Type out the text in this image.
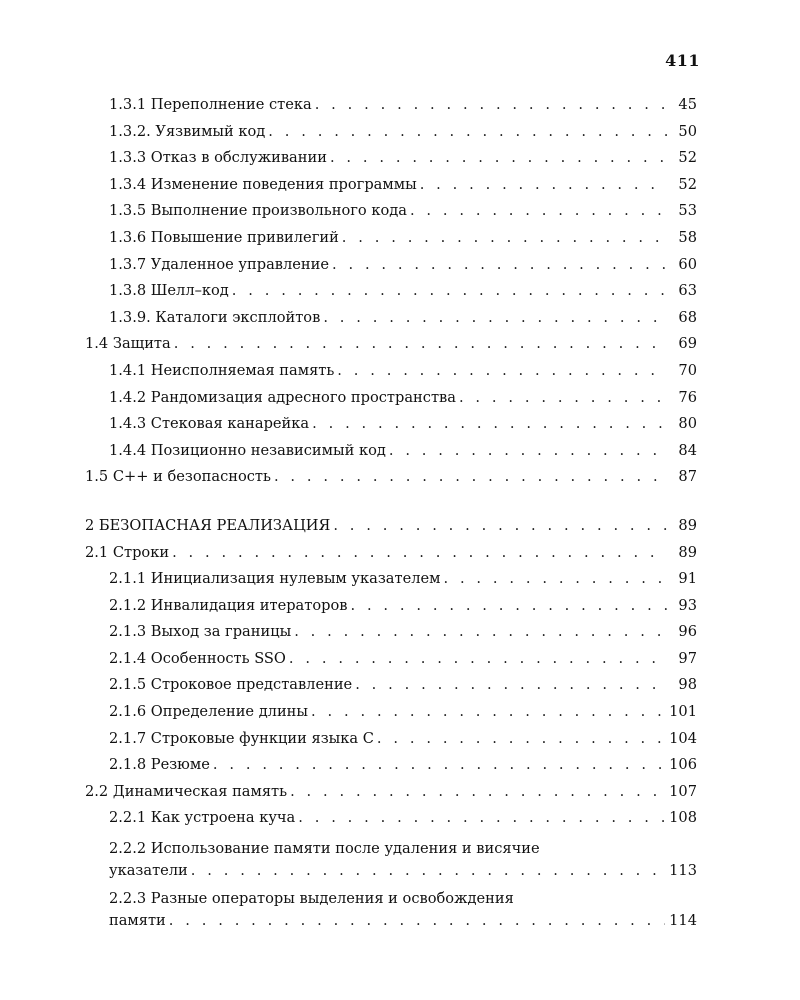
411
1.3.1 Переполнение стека . . .	45
1.3.2. Уязвимый код . . .	50
1.3.3 Отказ в обслуживании . . .	52
1.3.4 Изменение поведения программы . . .	52
1.3.5 Выполнение произвольного кода . . .	53
1.3.6 Повышение привилегий . . .	58
1.3.7 Удаленное управление . . .	60
1.3.8 Шелл–код . . .	63
1.3.9. Каталоги эксплойтов . . .	68
1.4 Защита . . .	69
1.4.1 Неисполняемая память . . .	70
1.4.2 Рандомизация адресного пространства . . .	76
1.4.3 Стековая канарейка . . .	80
1.4.4 Позиционно независимый код . . .	84
1.5 C++ и безопасность . . .	87
2 БЕЗОПАСНАЯ РЕАЛИЗАЦИЯ . . .	89
2.1 Строки . . .	89
2.1.1 Инициализация нулевым указателем . . .	91
2.1.2 Инвалидация итераторов . . .	93
2.1.3 Выход за границы . . .	96
2.1.4 Особенность SSO . . .	97
2.1.5 Строковое представление . . .	98
2.1.6 Определение длины . . .	101
2.1.7 Строковые функции языка C . . .	104
2.1.8 Резюме . . .	106
2.2 Динамическая память . . .	107
2.2.1 Как устроена куча . . .	108
2.2.2 Использование памяти после удаления и висячие
указатели . . .	113
2.2.3 Разные операторы выделения и освобождения
памяти . . .	114
